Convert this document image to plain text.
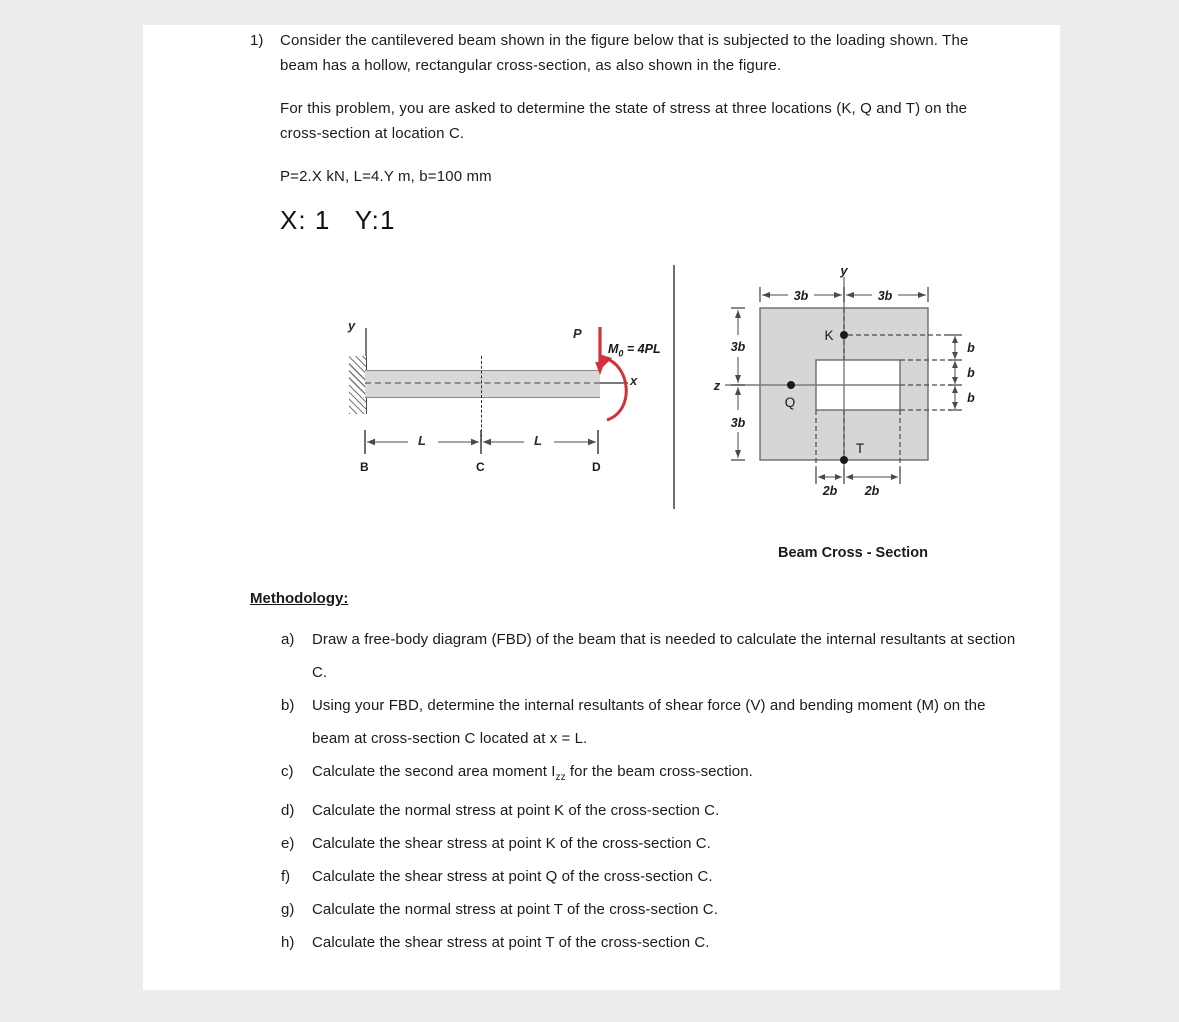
1)	Consider the cantilevered beam shown in the figure below that is subjected to the loading shown. The beam has a hollow, rectangular cross-section, as also shown in the figure.

For this problem, you are asked to determine the state of stress at three locations (K, Q and T) on the cross-section at location C.

P=2.X kN, L=4.Y m, b=100 mm

X: 1   Y:1

y
x
P
$M_0 = 4PL$
L	L
B	C	D
y
z
3b	3b
3b
3b
b
b
b
2b 2b
K
Q
T
Beam Cross - Section
Methodology:
a)	Draw a free-body diagram (FBD) of the beam that is needed to calculate the internal resultants at section C.
b)	Using your FBD, determine the internal resultants of shear force (V) and bending moment (M) on the beam at cross-section C located at x = L.
c)	Calculate the second area moment $I_{zz}$ for the beam cross-section.
d)	Calculate the normal stress at point K of the cross-section C.
e)	Calculate the shear stress at point K of the cross-section C.
f)	Calculate the shear stress at point Q of the cross-section C.
g)	Calculate the normal stress at point T of the cross-section C.
h)	Calculate the shear stress at point T of the cross-section C.
